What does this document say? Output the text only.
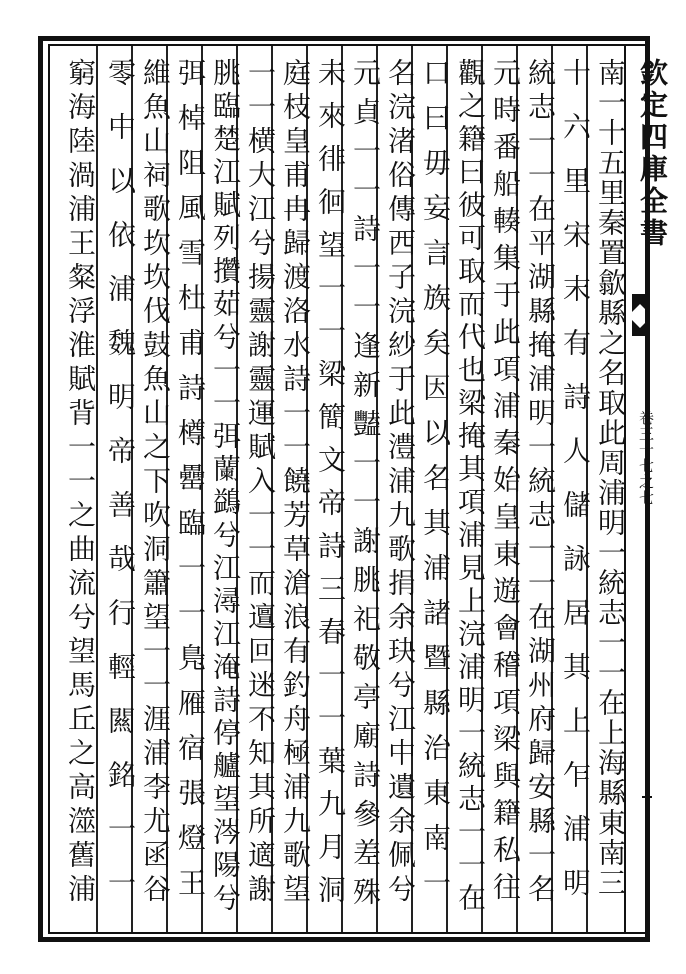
欽定四庫全書
卷三十七之七
南一十五里秦置歙縣之名取此周浦明一統志一一在上海縣東南三
十六里宋末有詩人儲詠居其上乍浦明
統志一一在平湖縣掩浦明一統志一一在湖州府歸安縣一名
元時番船輳集于此項浦秦始皇東遊會稽項梁與籍私往
觀之籍曰彼可取而代也梁掩其項浦見上浣浦明一統志一一在
口曰毋妄言族矣因以名其浦諸暨縣治東南一
名浣渚俗傳西子浣紗于此澧浦九歌捐余玦兮江中遺余佩兮
元貞一一詩一一逢新豔一一謝朓祀敬亭廟詩參差殊
未來徘徊望一一梁簡文帝詩三春一一葉九月洞
庭枝皇甫冉歸渡洛水詩一一饒芳草滄浪有釣舟極浦九歌望
一一横大江兮揚靈謝靈運賦入一一而邅回迷不知其所適謝
朓臨楚江賦列攢茹兮一一弭蘭鷁兮江潯江淹詩停艫望涔陽兮
弭棹阻風雪杜甫詩樽罍臨一一鳬雁宿張燈王
維魚山祠歌坎坎伐鼓魚山之下吹洞簫望一一涯浦李尤函谷
零中以依浦魏明帝善哉行輕闗銘一一
窮海陸渦浦王粲浮淮賦背一一之曲流兮望馬丘之高澨舊浦
